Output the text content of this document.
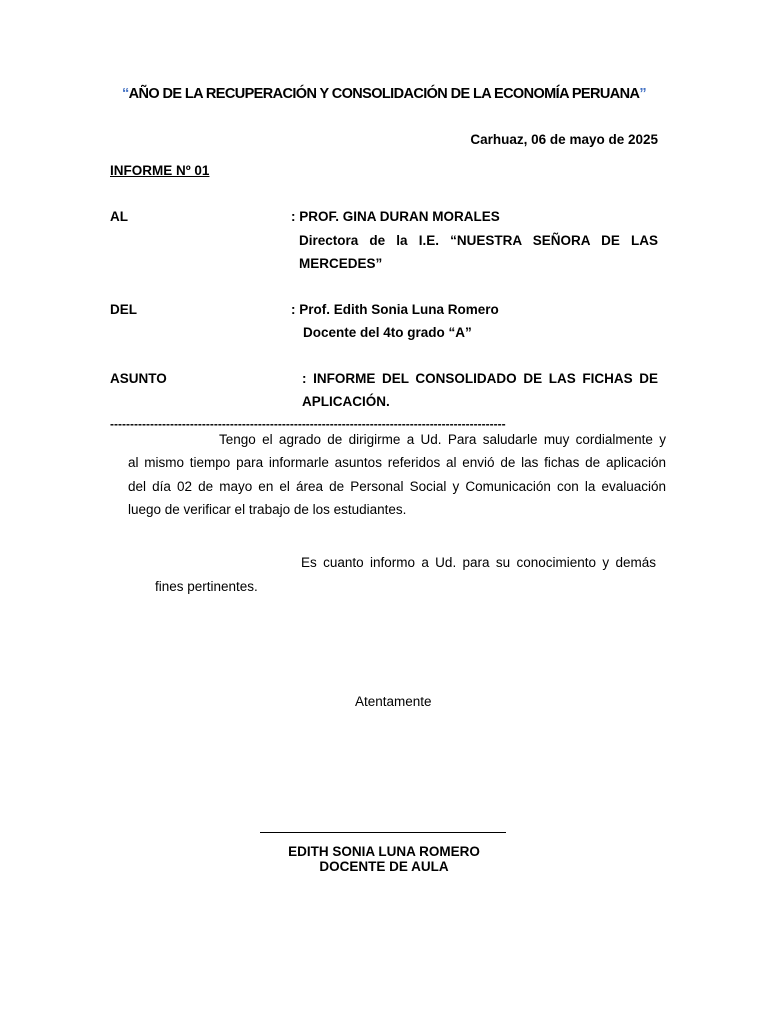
“AÑO DE LA RECUPERACIÓN Y CONSOLIDACIÓN DE LA ECONOMÍA PERUANA”
Carhuaz, 06 de mayo de 2025
INFORME Nº 01
AL	: PROF. GINA DURAN MORALES
Directora de la I.E. “NUESTRA SEÑORA DE LAS
MERCEDES”
DEL	: Prof. Edith Sonia Luna Romero
Docente del 4to grado “A”
ASUNTO	: INFORME DEL CONSOLIDADO DE LAS FICHAS DE
APLICACIÓN.
---------------------------------------------------------------------------------------------------
Tengo el agrado de dirigirme a Ud. Para saludarle muy cordialmente y
al mismo tiempo para informarle asuntos referidos al envió de las fichas de aplicación
del día 02 de mayo en el área de Personal Social y Comunicación con la evaluación
luego de verificar el trabajo de los estudiantes.
Es cuanto informo a Ud. para su conocimiento y demás
fines pertinentes.
Atentamente
EDITH SONIA LUNA ROMERO
DOCENTE DE AULA
